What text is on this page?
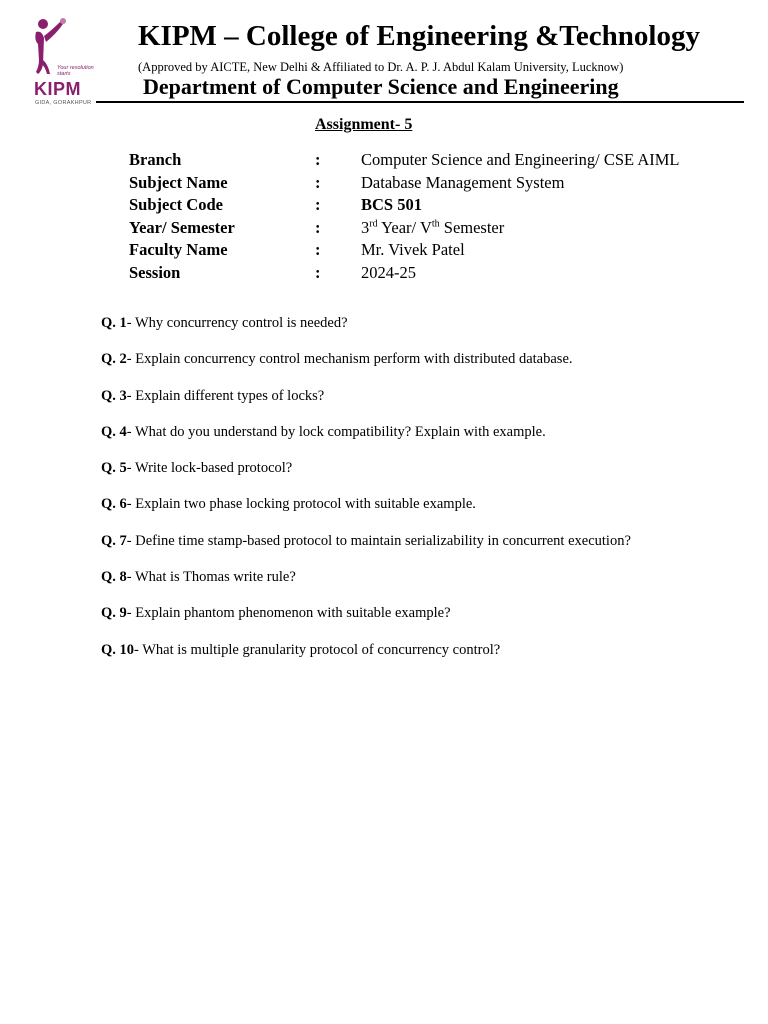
Your resolution starts
KIPM
GIDA, GORAKHPUR
KIPM – College of Engineering &Technology
(Approved by AICTE, New Delhi & Affiliated to Dr. A. P. J. Abdul Kalam University, Lucknow)
Department of Computer Science and Engineering
Assignment- 5
Branch	: Computer Science and Engineering/ CSE AIML
Subject Name	: Database Management System
Subject Code	: BCS 501
Year/ Semester	: 3rd Year/ Vth Semester
Faculty Name	: Mr. Vivek Patel
Session	: 2024-25
Q. 1- Why concurrency control is needed?
Q. 2- Explain concurrency control mechanism perform with distributed database.
Q. 3- Explain different types of locks?
Q. 4- What do you understand by lock compatibility? Explain with example.
Q. 5- Write lock-based protocol?
Q. 6- Explain two phase locking protocol with suitable example.
Q. 7- Define time stamp-based protocol to maintain serializability in concurrent execution?
Q. 8- What is Thomas write rule?
Q. 9- Explain phantom phenomenon with suitable example?
Q. 10- What is multiple granularity protocol of concurrency control?
